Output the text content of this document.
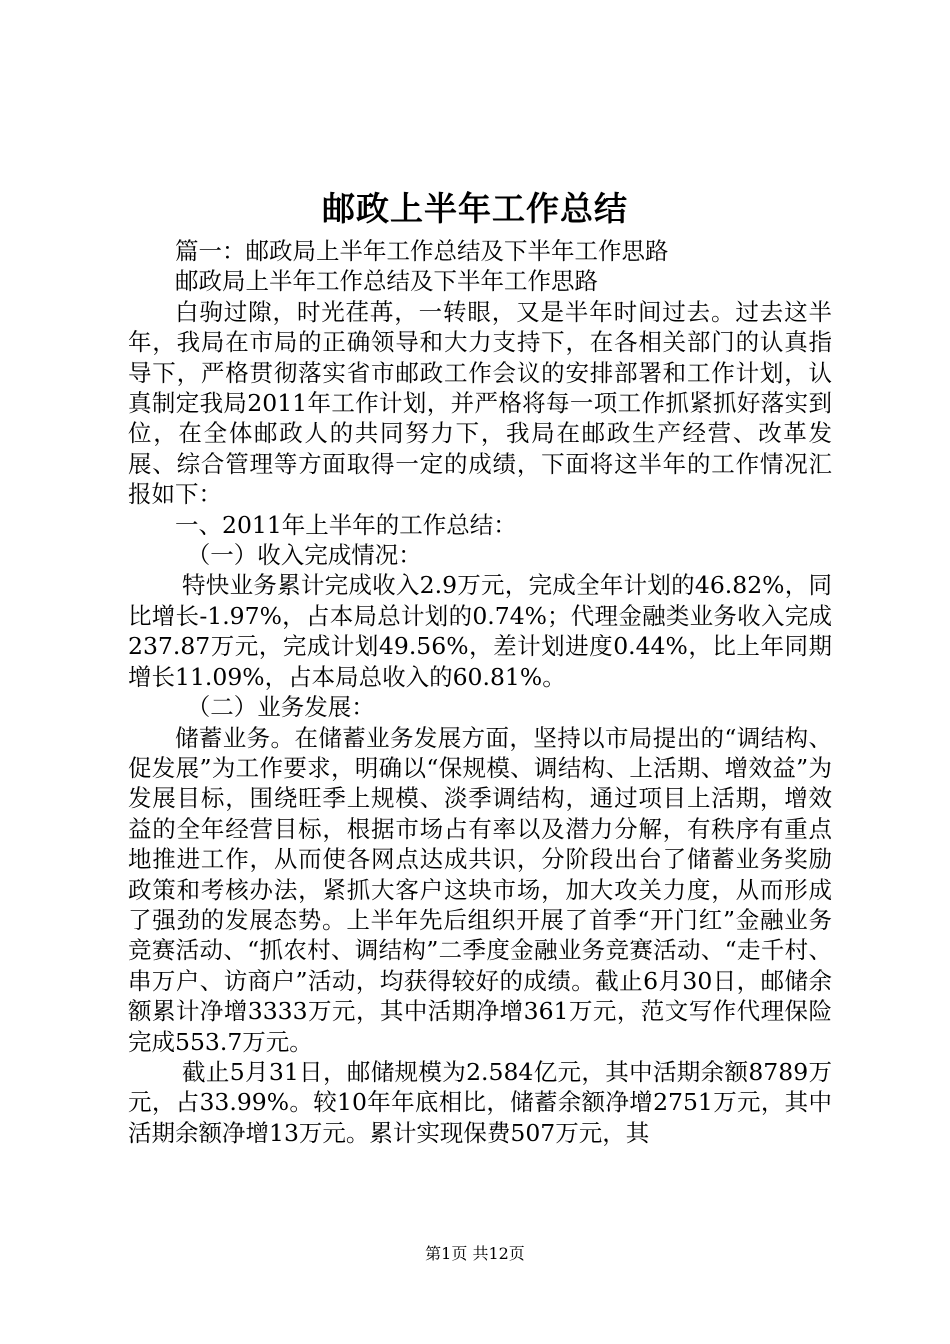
邮政上半年工作总结

篇一：邮政局上半年工作总结及下半年工作思路

邮政局上半年工作总结及下半年工作思路

白驹过隙，时光荏苒，一转眼，又是半年时间过去。过去这半年，我局在市局的正确领导和大力支持下，在各相关部门的认真指导下，严格贯彻落实省市邮政工作会议的安排部署和工作计划，认真制定我局2011年工作计划，并严格将每一项工作抓紧抓好落实到位，在全体邮政人的共同努力下，我局在邮政生产经营、改革发展、综合管理等方面取得一定的成绩，下面将这半年的工作情况汇报如下：

一、2011年上半年的工作总结：

（一）收入完成情况：

特快业务累计完成收入2.9万元，完成全年计划的46.82%，同比增长-1.97%，占本局总计划的0.74%；代理金融类业务收入完成237.87万元，完成计划49.56%，差计划进度0.44%，比上年同期增长11.09%，占本局总收入的60.81%。

（二）业务发展：

储蓄业务。在储蓄业务发展方面，坚持以市局提出的“调结构、促发展”为工作要求，明确以“保规模、调结构、上活期、增效益”为发展目标，围绕旺季上规模、淡季调结构，通过项目上活期，增效益的全年经营目标，根据市场占有率以及潜力分解，有秩序有重点地推进工作，从而使各网点达成共识，分阶段出台了储蓄业务奖励政策和考核办法，紧抓大客户这块市场，加大攻关力度，从而形成了强劲的发展态势。上半年先后组织开展了首季“开门红”金融业务竞赛活动、“抓农村、调结构”二季度金融业务竞赛活动、“走千村、串万户、访商户”活动，均获得较好的成绩。截止6月30日，邮储余额累计净增3333万元，其中活期净增361万元，范文写作代理保险完成553.7万元。

截止5月31日，邮储规模为2.584亿元，其中活期余额8789万元，占33.99%。较10年年底相比，储蓄余额净增2751万元，其中活期余额净增13万元。累计实现保费507万元，其

第1页 共12页
